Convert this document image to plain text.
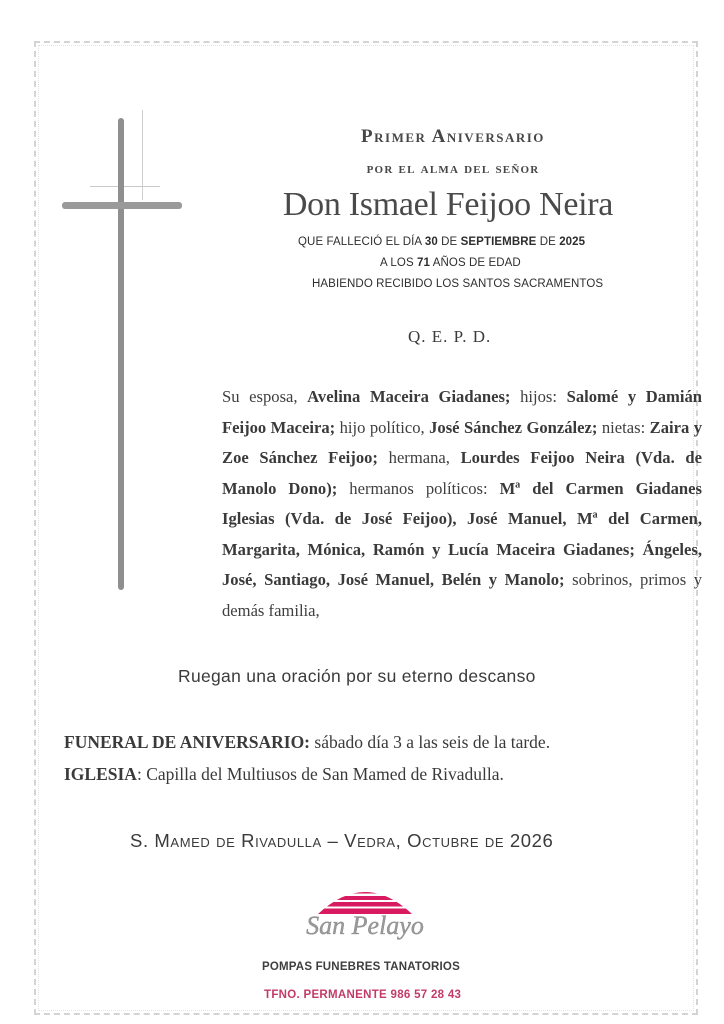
Primer Aniversario
por el alma del señor
Don Ismael Feijoo Neira
QUE FALLECIÓ EL DÍA 30 DE SEPTIEMBRE DE 2025
A LOS 71 AÑOS DE EDAD
HABIENDO RECIBIDO LOS SANTOS SACRAMENTOS
Q. E. P. D.
Su esposa, Avelina Maceira Giadanes; hijos: Salomé y Damián Feijoo Maceira; hijo político, José Sánchez González; nietas: Zaira y Zoe Sánchez Feijoo; hermana, Lourdes Feijoo Neira (Vda. de Manolo Dono); hermanos políticos: Mª del Carmen Giadanes Iglesias (Vda. de José Feijoo), José Manuel, Mª del Carmen, Margarita, Mónica, Ramón y Lucía Maceira Giadanes; Ángeles, José, Santiago, José Manuel, Belén y Manolo; sobrinos, primos y demás familia,
Ruegan una oración por su eterno descanso
FUNERAL DE ANIVERSARIO: sábado día 3 a las seis de la tarde.
IGLESIA: Capilla del Multiusos de San Mamed de Rivadulla.
S. Mamed de Rivadulla – Vedra, Octubre de 2026
San Pelayo
POMPAS FUNEBRES TANATORIOS
TFNO. PERMANENTE 986 57 28 43
